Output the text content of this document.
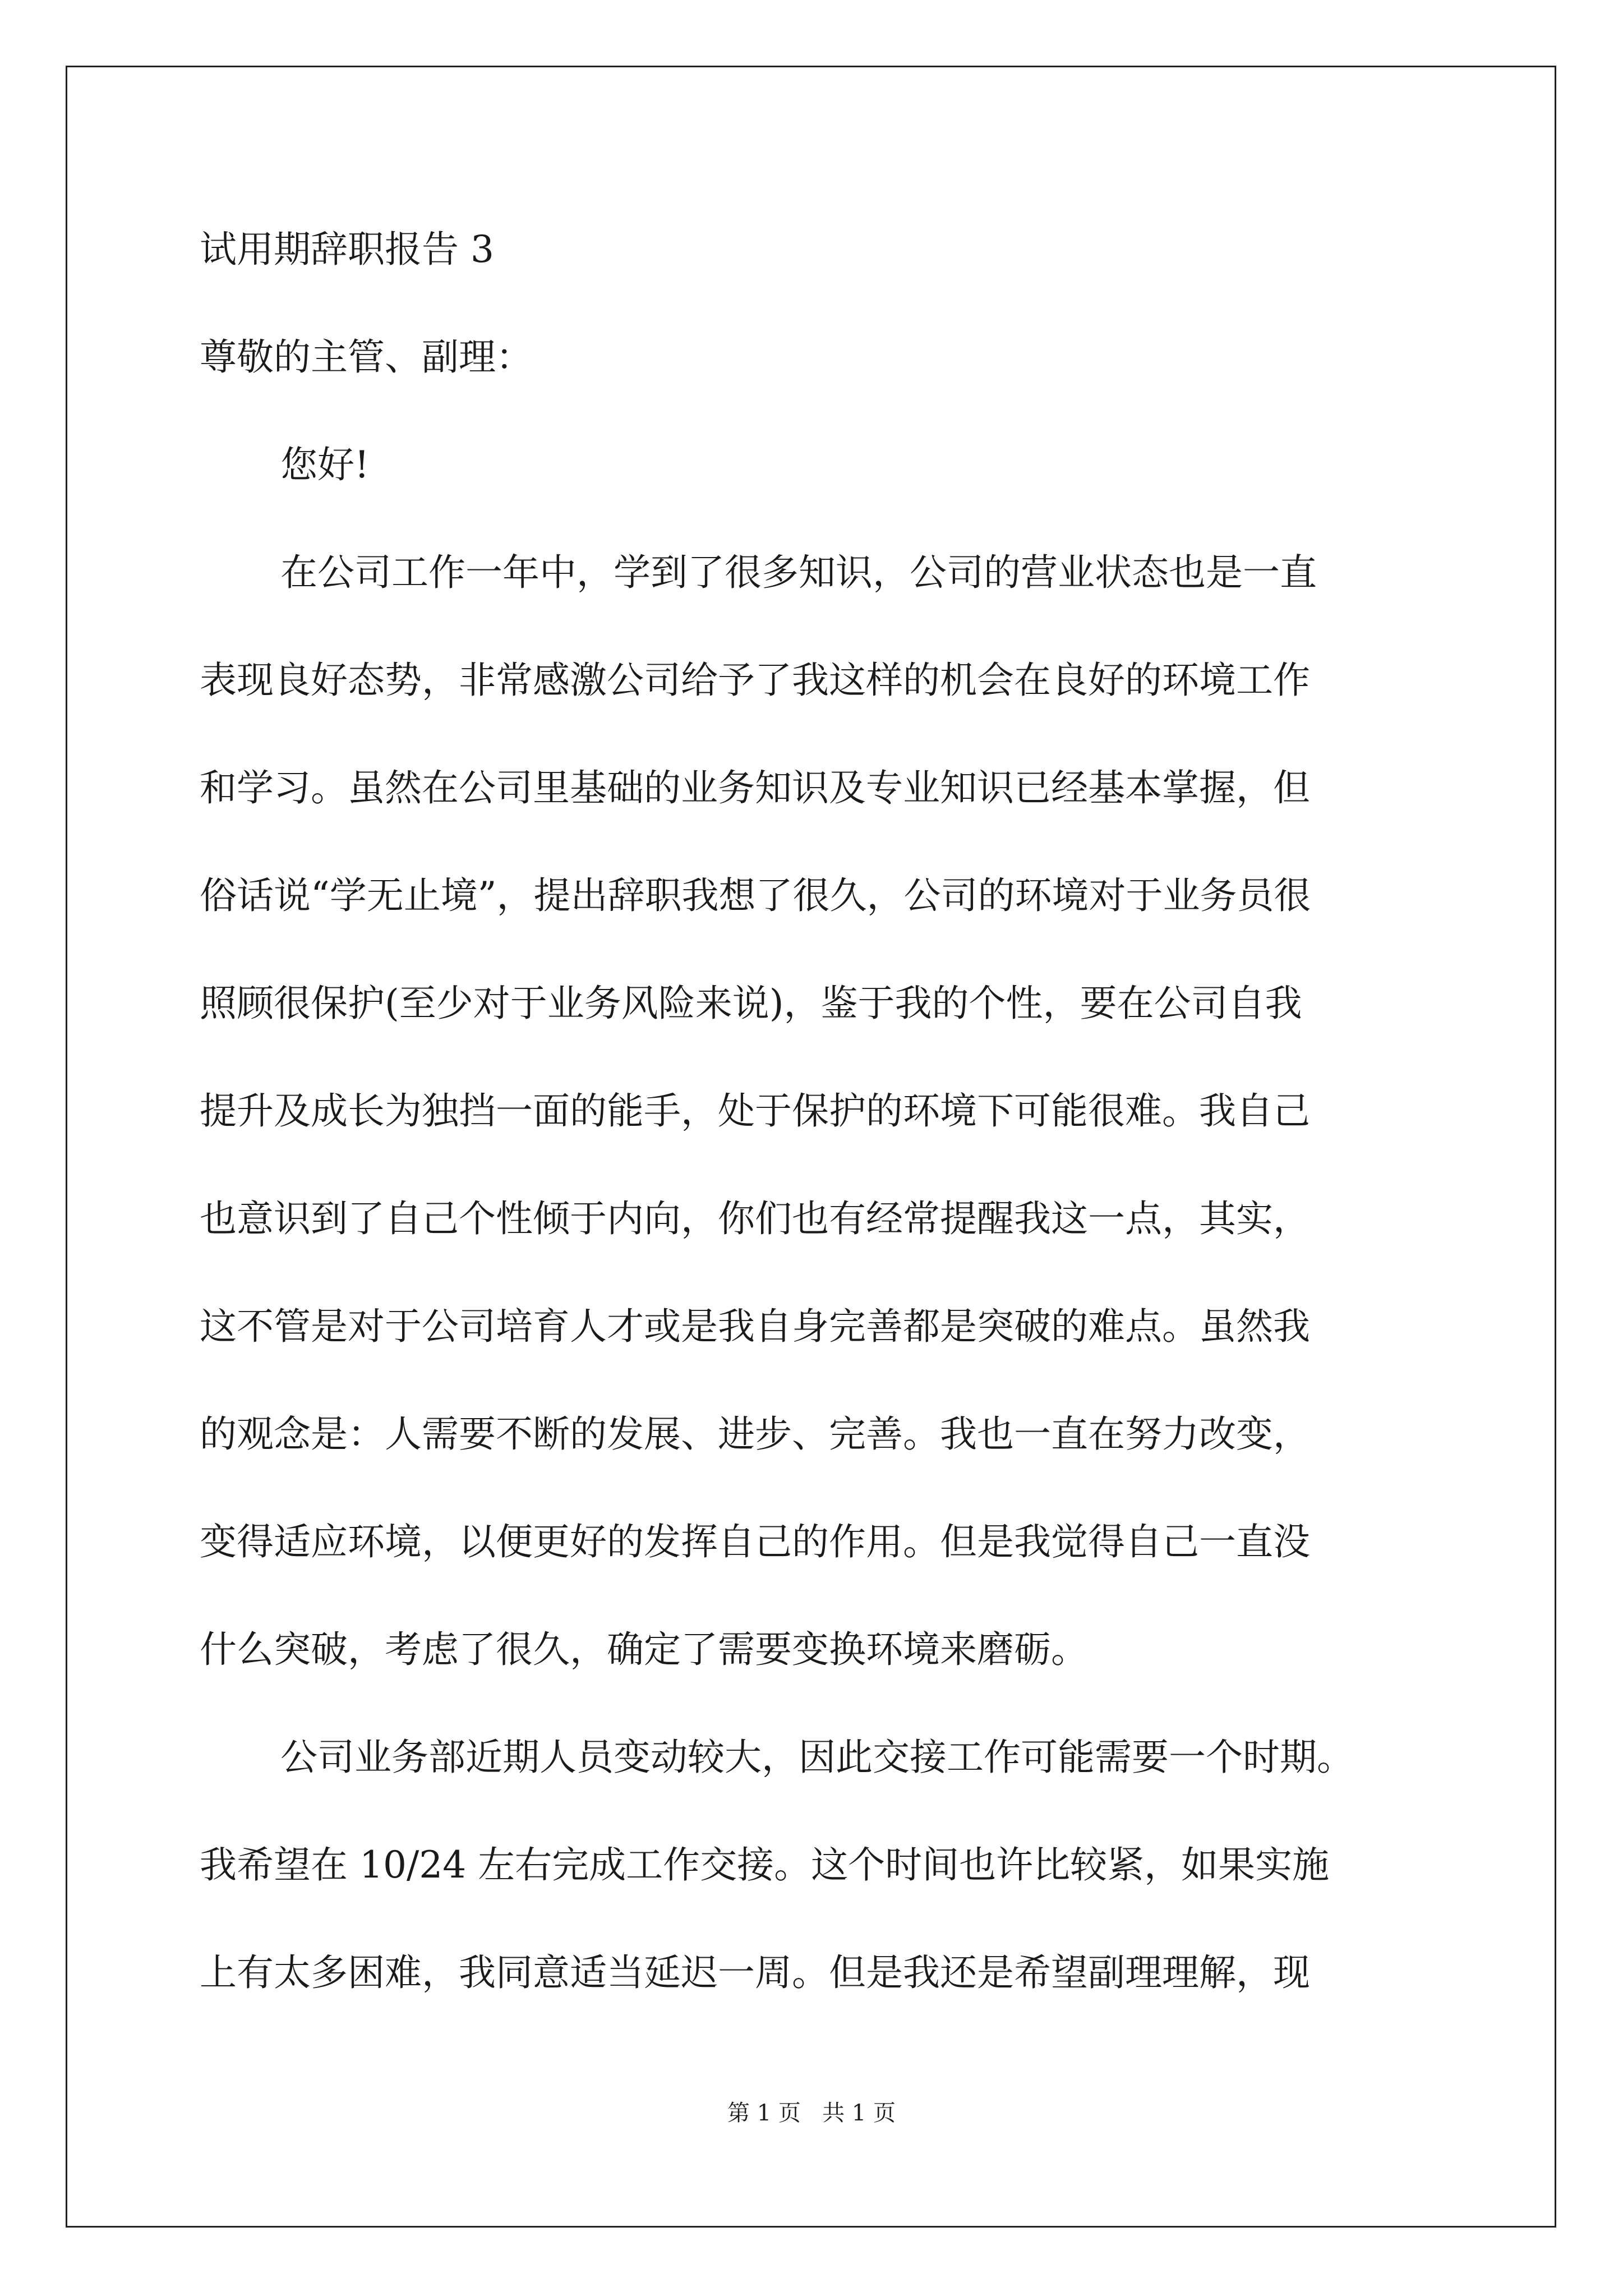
试用期辞职报告 3
尊敬的主管、副理：
您好!
在公司工作一年中，学到了很多知识，公司的营业状态也是一直
表现良好态势，非常感激公司给予了我这样的机会在良好的环境工作
和学习。虽然在公司里基础的业务知识及专业知识已经基本掌握，但
俗话说“学无止境”，提出辞职我想了很久，公司的环境对于业务员很
照顾很保护(至少对于业务风险来说)，鉴于我的个性，要在公司自我
提升及成长为独挡一面的能手，处于保护的环境下可能很难。我自己
也意识到了自己个性倾于内向，你们也有经常提醒我这一点，其实，
这不管是对于公司培育人才或是我自身完善都是突破的难点。虽然我
的观念是：人需要不断的发展、进步、完善。我也一直在努力改变，
变得适应环境，以便更好的发挥自己的作用。但是我觉得自己一直没
什么突破，考虑了很久，确定了需要变换环境来磨砺。
公司业务部近期人员变动较大，因此交接工作可能需要一个时期。
我希望在 10/24 左右完成工作交接。这个时间也许比较紧，如果实施
上有太多困难，我同意适当延迟一周。但是我还是希望副理理解，现
第 1 页   共 1 页
